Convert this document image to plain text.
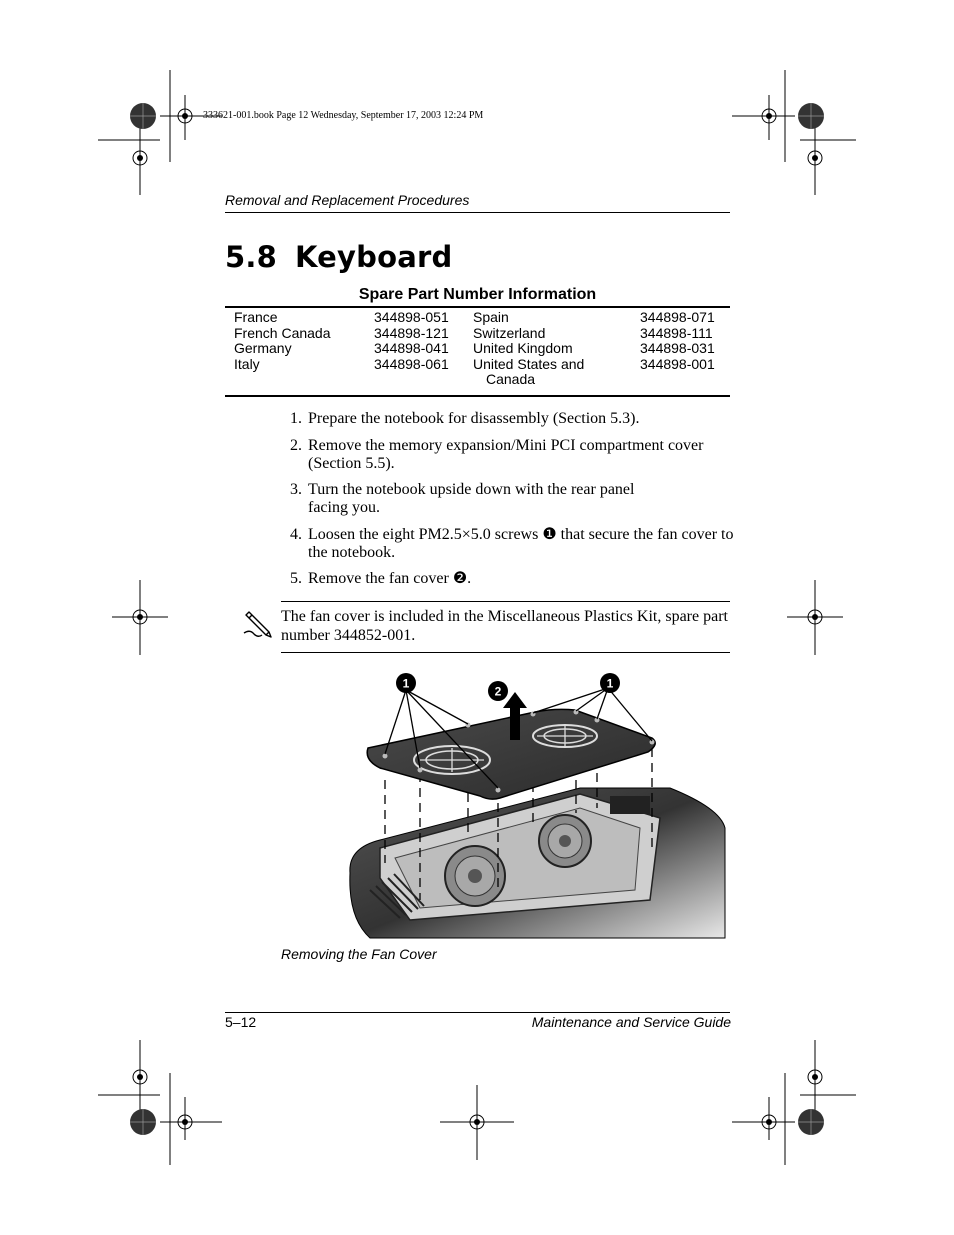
333621-001.book Page 12 Wednesday, September 17, 2003 12:24 PM
Removal and Replacement Procedures
5.8 Keyboard
Spare Part Number Information
France
French Canada
Germany
Italy
344898-051
344898-121
344898-041
344898-061
Spain
Switzerland
United Kingdom
United States and
Canada
344898-071
344898-111
344898-031
344898-001
1. Prepare the notebook for disassembly (Section 5.3).
2. Remove the memory expansion/Mini PCI compartment cover (Section 5.5).
3. Turn the notebook upside down with the rear panel facing you.
4. Loosen the eight PM2.5×5.0 screws ❶ that secure the fan cover to the notebook.
5. Remove the fan cover ❷.
The fan cover is included in the Miscellaneous Plastics Kit, spare part number 344852-001.
1
2
1
Removing the Fan Cover
5–12	Maintenance and Service Guide
